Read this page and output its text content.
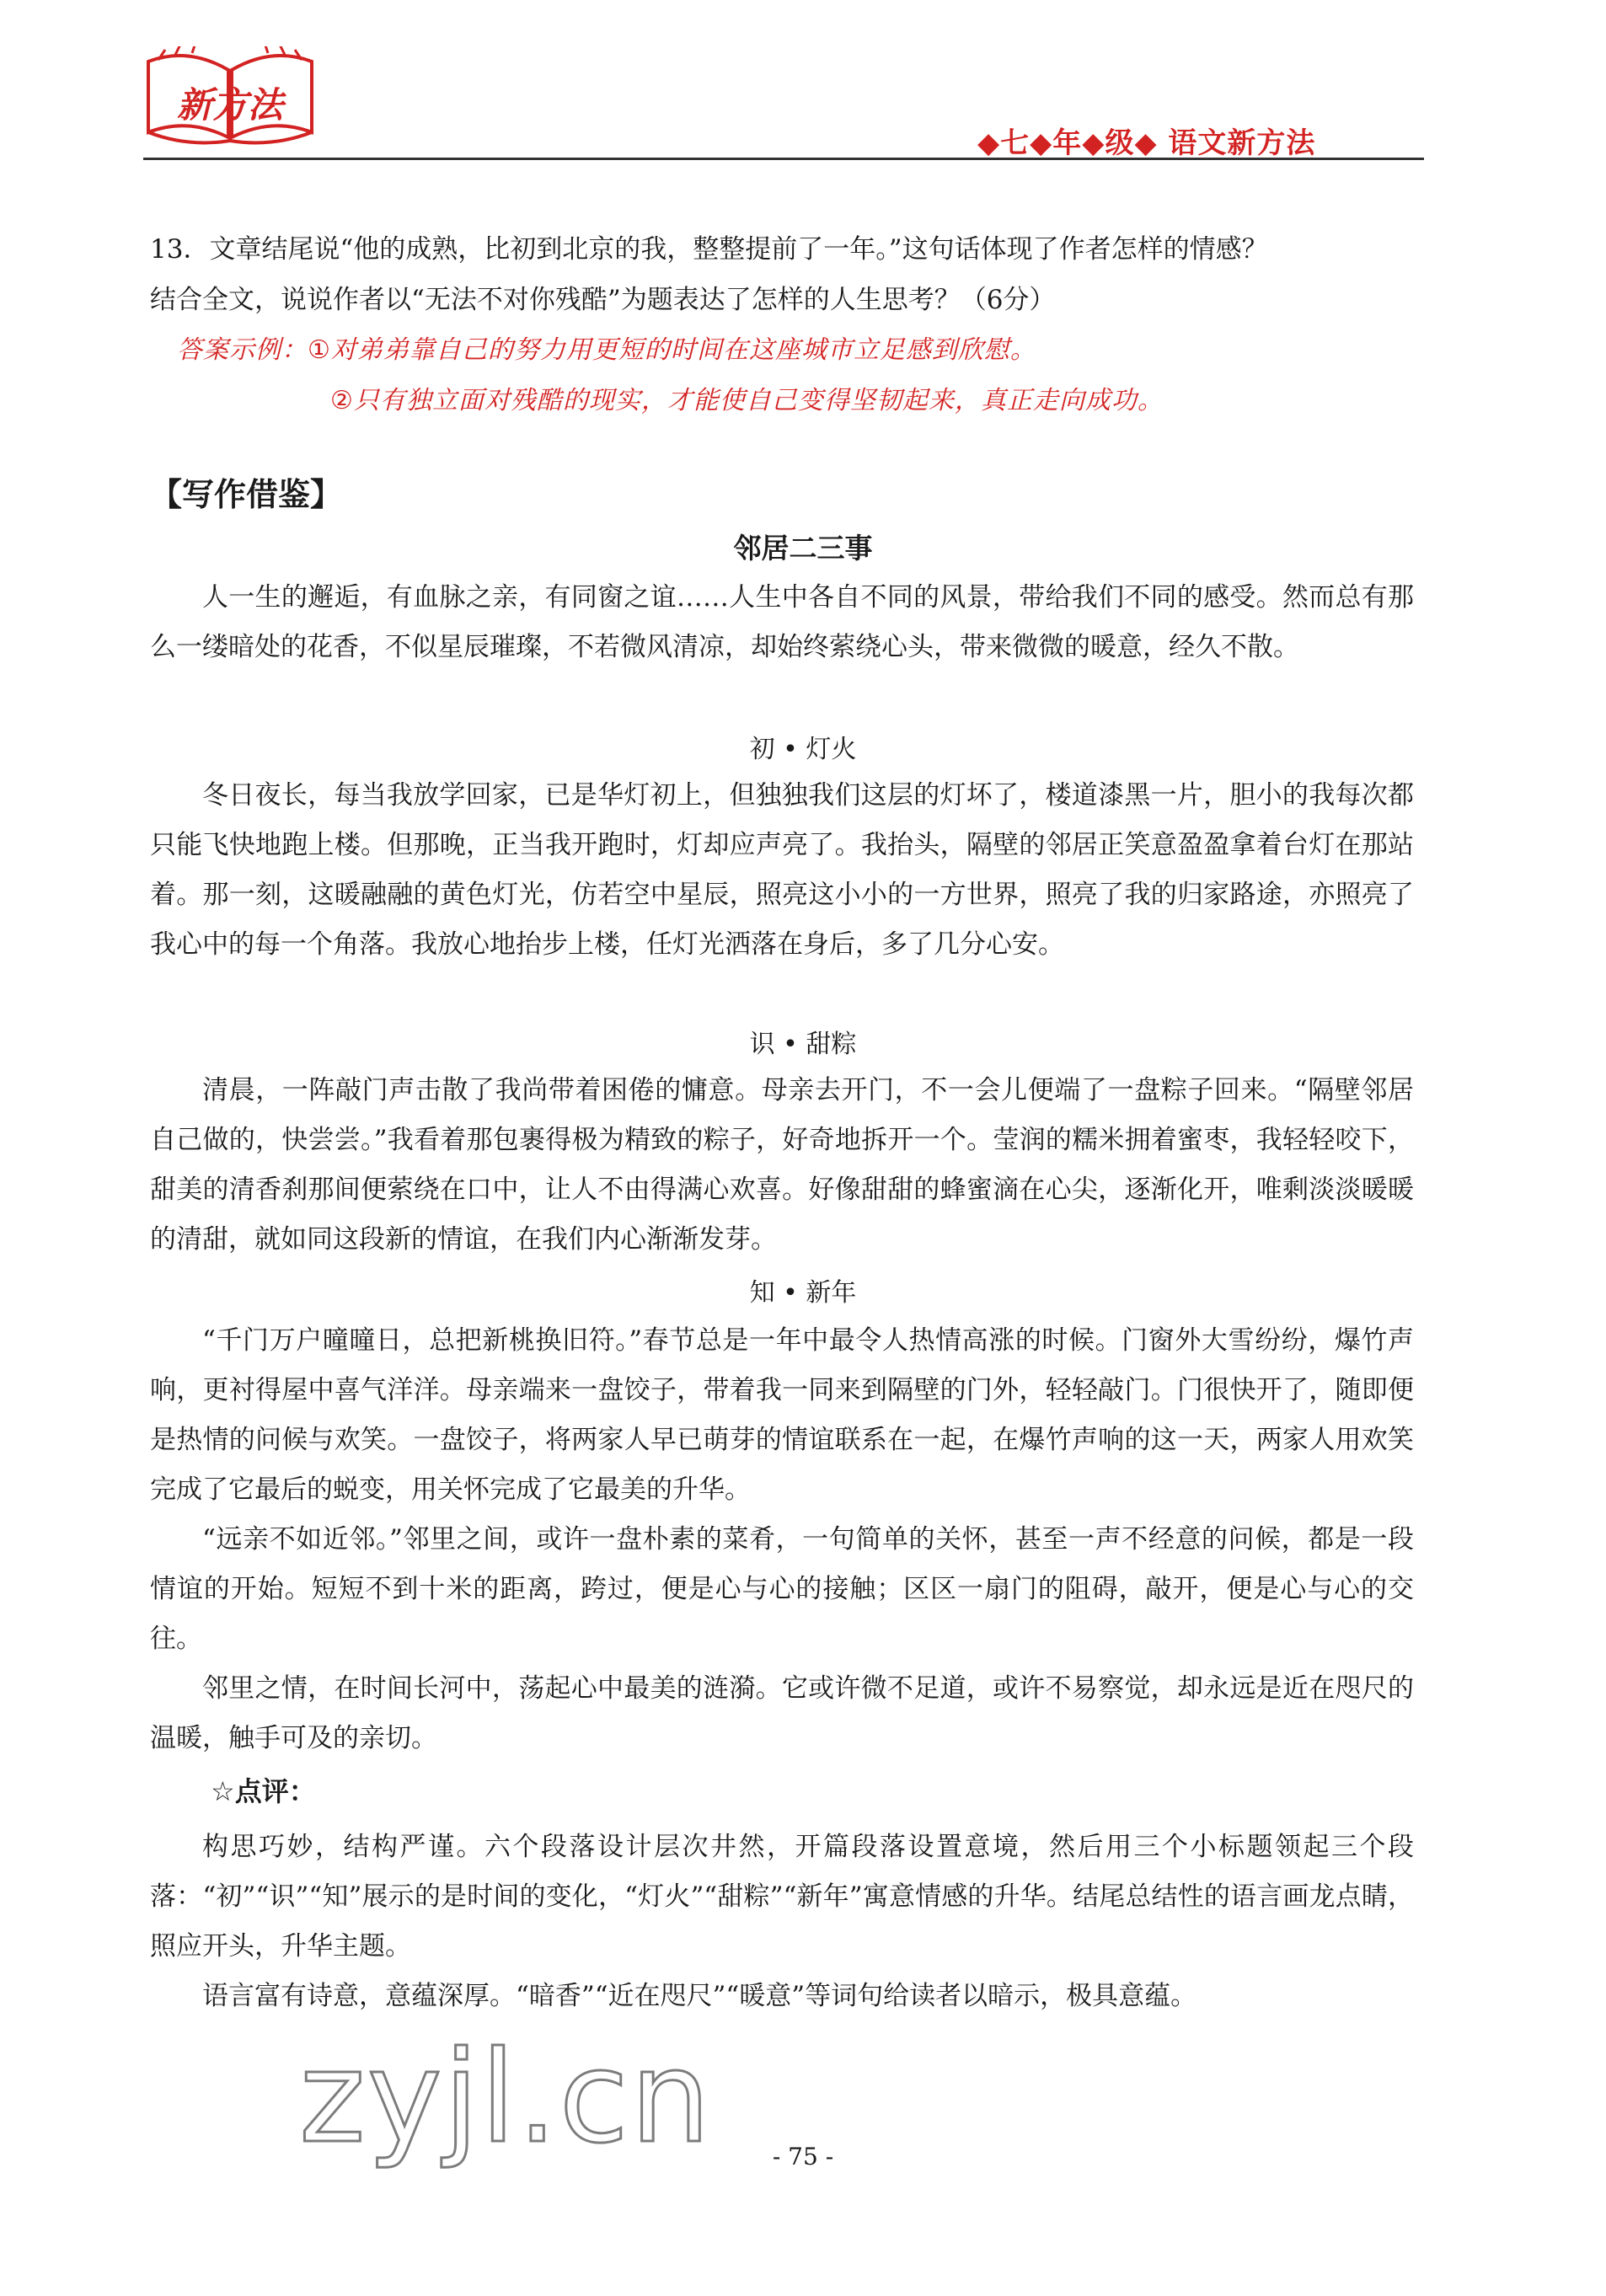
新方法
◆七◆年◆级◆ 语文新方法
13．文章结尾说“他的成熟，比初到北京的我，整整提前了一年。”这句话体现了作者怎样的情感？
结合全文，说说作者以“无法不对你残酷”为题表达了怎样的人生思考？（6分）
答案示例：①对弟弟靠自己的努力用更短的时间在这座城市立足感到欣慰。
②只有独立面对残酷的现实，才能使自己变得坚韧起来，真正走向成功。
【写作借鉴】
邻居二三事

人一生的邂逅，有血脉之亲，有同窗之谊……人生中各自不同的风景，带给我们不同的感受。然而总有那么一缕暗处的花香，不似星辰璀璨，不若微风清凉，却始终萦绕心头，带来微微的暖意，经久不散。

初 • 灯火

冬日夜长，每当我放学回家，已是华灯初上，但独独我们这层的灯坏了，楼道漆黑一片，胆小的我每次都只能飞快地跑上楼。但那晚，正当我开跑时，灯却应声亮了。我抬头，隔壁的邻居正笑意盈盈拿着台灯在那站着。那一刻，这暖融融的黄色灯光，仿若空中星辰，照亮这小小的一方世界，照亮了我的归家路途，亦照亮了我心中的每一个角落。我放心地抬步上楼，任灯光洒落在身后，多了几分心安。

识 • 甜粽

清晨，一阵敲门声击散了我尚带着困倦的慵意。母亲去开门，不一会儿便端了一盘粽子回来。“隔壁邻居自己做的，快尝尝。”我看着那包裹得极为精致的粽子，好奇地拆开一个。莹润的糯米拥着蜜枣，我轻轻咬下，甜美的清香刹那间便萦绕在口中，让人不由得满心欢喜。好像甜甜的蜂蜜滴在心尖，逐渐化开，唯剩淡淡暖暖的清甜，就如同这段新的情谊，在我们内心渐渐发芽。

知 • 新年

“千门万户曈曈日，总把新桃换旧符。”春节总是一年中最令人热情高涨的时候。门窗外大雪纷纷，爆竹声响，更衬得屋中喜气洋洋。母亲端来一盘饺子，带着我一同来到隔壁的门外，轻轻敲门。门很快开了，随即便是热情的问候与欢笑。一盘饺子，将两家人早已萌芽的情谊联系在一起，在爆竹声响的这一天，两家人用欢笑完成了它最后的蜕变，用关怀完成了它最美的升华。

“远亲不如近邻。”邻里之间，或许一盘朴素的菜肴，一句简单的关怀，甚至一声不经意的问候，都是一段情谊的开始。短短不到十米的距离，跨过，便是心与心的接触；区区一扇门的阻碍，敲开，便是心与心的交往。

邻里之情，在时间长河中，荡起心中最美的涟漪。它或许微不足道，或许不易察觉，却永远是近在咫尺的温暖，触手可及的亲切。

☆点评：

构思巧妙，结构严谨。六个段落设计层次井然，开篇段落设置意境，然后用三个小标题领起三个段落：“初”“识”“知”展示的是时间的变化，“灯火”“甜粽”“新年”寓意情感的升华。结尾总结性的语言画龙点睛，照应开头，升华主题。

语言富有诗意，意蕴深厚。“暗香”“近在咫尺”“暖意”等词句给读者以暗示，极具意蕴。

zyjl.cn	- 75 -
